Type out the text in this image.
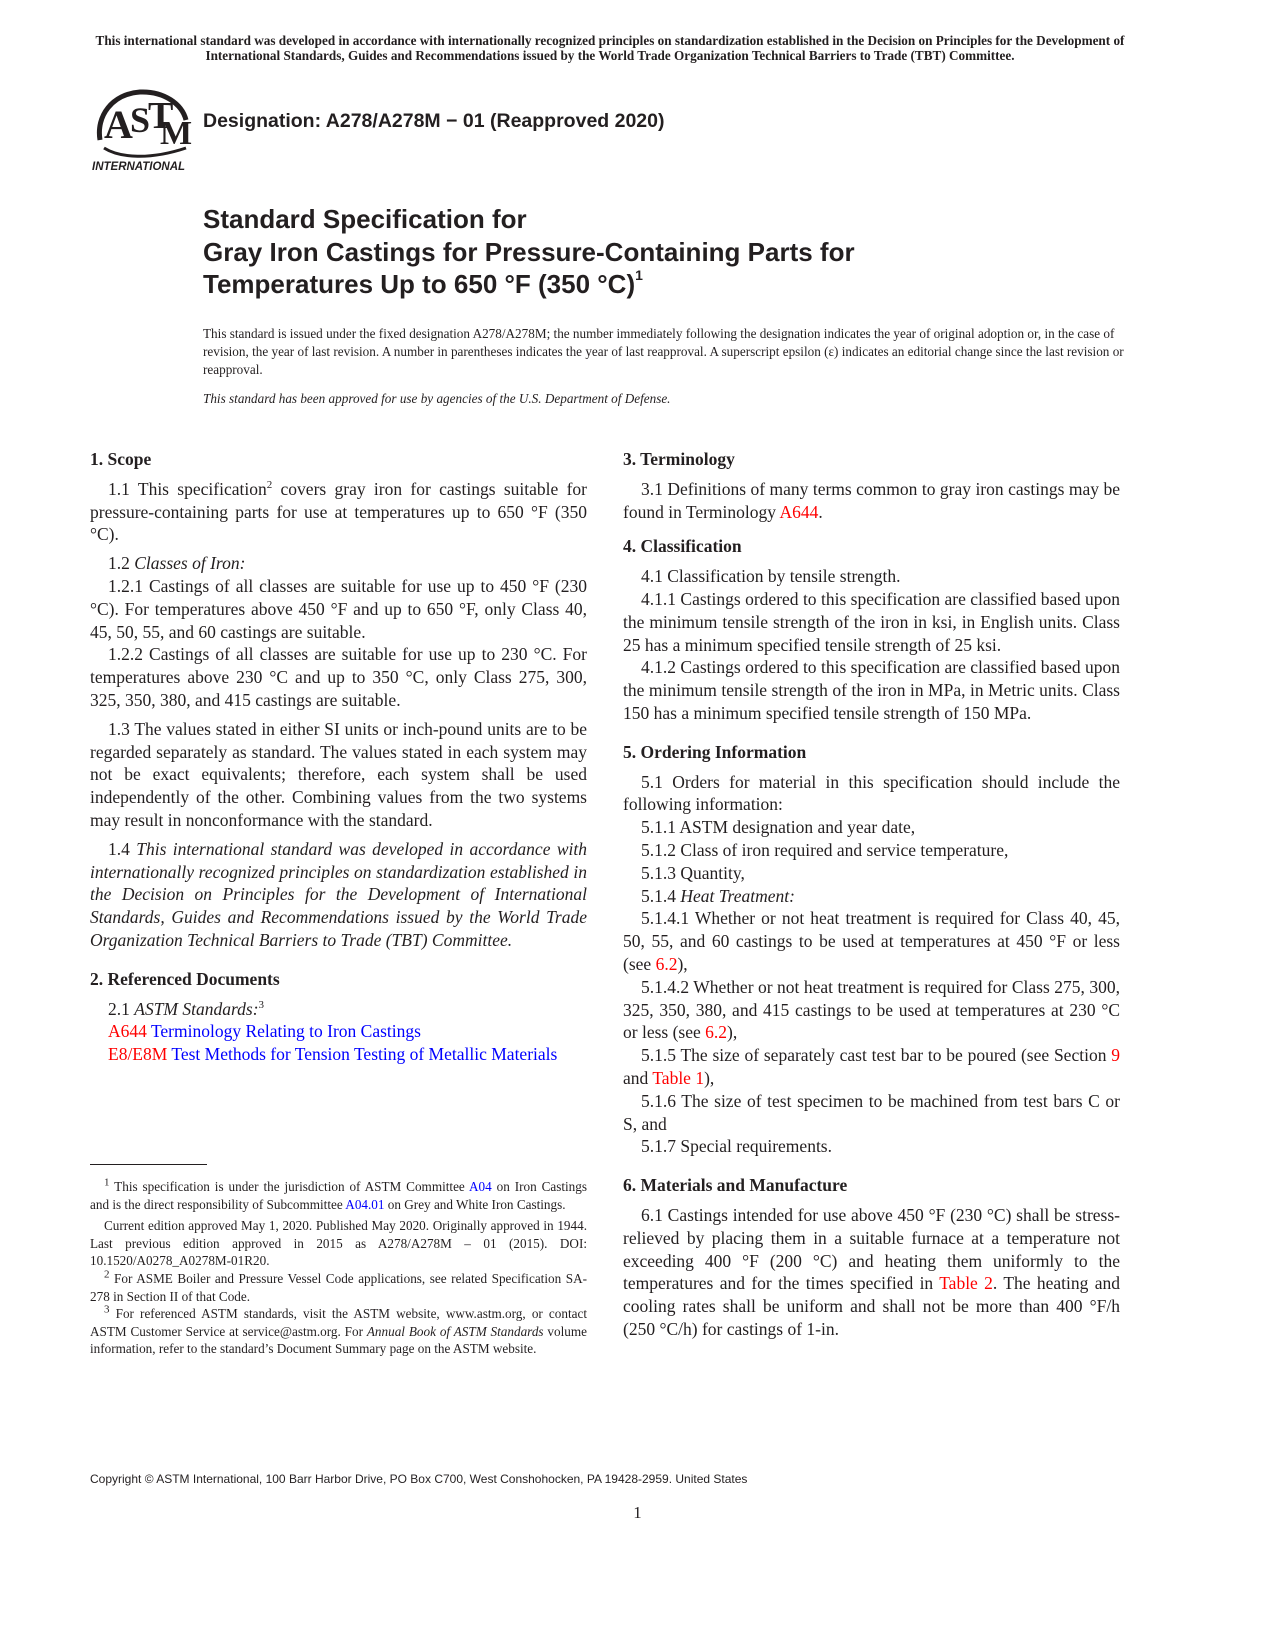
This international standard was developed in accordance with internationally recognized principles on standardization established in the Decision on Principles for the Development of International Standards, Guides and Recommendations issued by the World Trade Organization Technical Barriers to Trade (TBT) Committee.
A
S
T
M
INTERNATIONAL
Designation: A278/A278M − 01 (Reapproved 2020)
Standard Specification for
Gray Iron Castings for Pressure-Containing Parts for
Temperatures Up to 650 °F (350 °C)$^1$
This standard is issued under the fixed designation A278/A278M; the number immediately following the designation indicates the year of original adoption or, in the case of revision, the year of last revision. A number in parentheses indicates the year of last reapproval. A superscript epsilon (ε) indicates an editorial change since the last revision or reapproval.
This standard has been approved for use by agencies of the U.S. Department of Defense.
1. Scope

1.1 This specification$^2$ covers gray iron for castings suitable for pressure-containing parts for use at temperatures up to 650 °F (350 °C).

1.2 Classes of Iron:

1.2.1 Castings of all classes are suitable for use up to 450 °F (230 °C). For temperatures above 450 °F and up to 650 °F, only Class 40, 45, 50, 55, and 60 castings are suitable.

1.2.2 Castings of all classes are suitable for use up to 230 °C. For temperatures above 230 °C and up to 350 °C, only Class 275, 300, 325, 350, 380, and 415 castings are suitable.

1.3 The values stated in either SI units or inch-pound units are to be regarded separately as standard. The values stated in each system may not be exact equivalents; therefore, each system shall be used independently of the other. Combining values from the two systems may result in nonconformance with the standard.

1.4 This international standard was developed in accordance with internationally recognized principles on standardization established in the Decision on Principles for the Development of International Standards, Guides and Recommendations issued by the World Trade Organization Technical Barriers to Trade (TBT) Committee.

2. Referenced Documents

2.1 ASTM Standards:$^3$

A644 Terminology Relating to Iron Castings

E8/E8M Test Methods for Tension Testing of Metallic Materials

$^1$ This specification is under the jurisdiction of ASTM Committee A04 on Iron Castings and is the direct responsibility of Subcommittee A04.01 on Grey and White Iron Castings.

Current edition approved May 1, 2020. Published May 2020. Originally approved in 1944. Last previous edition approved in 2015 as A278/A278M – 01 (2015). DOI: 10.1520/A0278_A0278M-01R20.

$^2$ For ASME Boiler and Pressure Vessel Code applications, see related Specification SA-278 in Section II of that Code.

$^3$ For referenced ASTM standards, visit the ASTM website, www.astm.org, or contact ASTM Customer Service at service@astm.org. For Annual Book of ASTM Standards volume information, refer to the standard’s Document Summary page on the ASTM website.

3. Terminology

3.1 Definitions of many terms common to gray iron castings may be found in Terminology A644.

4. Classification

4.1 Classification by tensile strength.

4.1.1 Castings ordered to this specification are classified based upon the minimum tensile strength of the iron in ksi, in English units. Class 25 has a minimum specified tensile strength of 25 ksi.

4.1.2 Castings ordered to this specification are classified based upon the minimum tensile strength of the iron in MPa, in Metric units. Class 150 has a minimum specified tensile strength of 150 MPa.

5. Ordering Information

5.1 Orders for material in this specification should include the following information:

5.1.1 ASTM designation and year date,

5.1.2 Class of iron required and service temperature,

5.1.3 Quantity,

5.1.4 Heat Treatment:

5.1.4.1 Whether or not heat treatment is required for Class 40, 45, 50, 55, and 60 castings to be used at temperatures at 450 °F or less (see 6.2),

5.1.4.2 Whether or not heat treatment is required for Class 275, 300, 325, 350, 380, and 415 castings to be used at temperatures at 230 °C or less (see 6.2),

5.1.5 The size of separately cast test bar to be poured (see Section 9 and Table 1),

5.1.6 The size of test specimen to be machined from test bars C or S, and

5.1.7 Special requirements.

6. Materials and Manufacture

6.1 Castings intended for use above 450 °F (230 °C) shall be stress-relieved by placing them in a suitable furnace at a temperature not exceeding 400 °F (200 °C) and heating them uniformly to the temperatures and for the times specified in Table 2. The heating and cooling rates shall be uniform and shall not be more than 400 °F/h (250 °C/h) for castings of 1-in.

Copyright © ASTM International, 100 Barr Harbor Drive, PO Box C700, West Conshohocken, PA 19428-2959. United States
1
